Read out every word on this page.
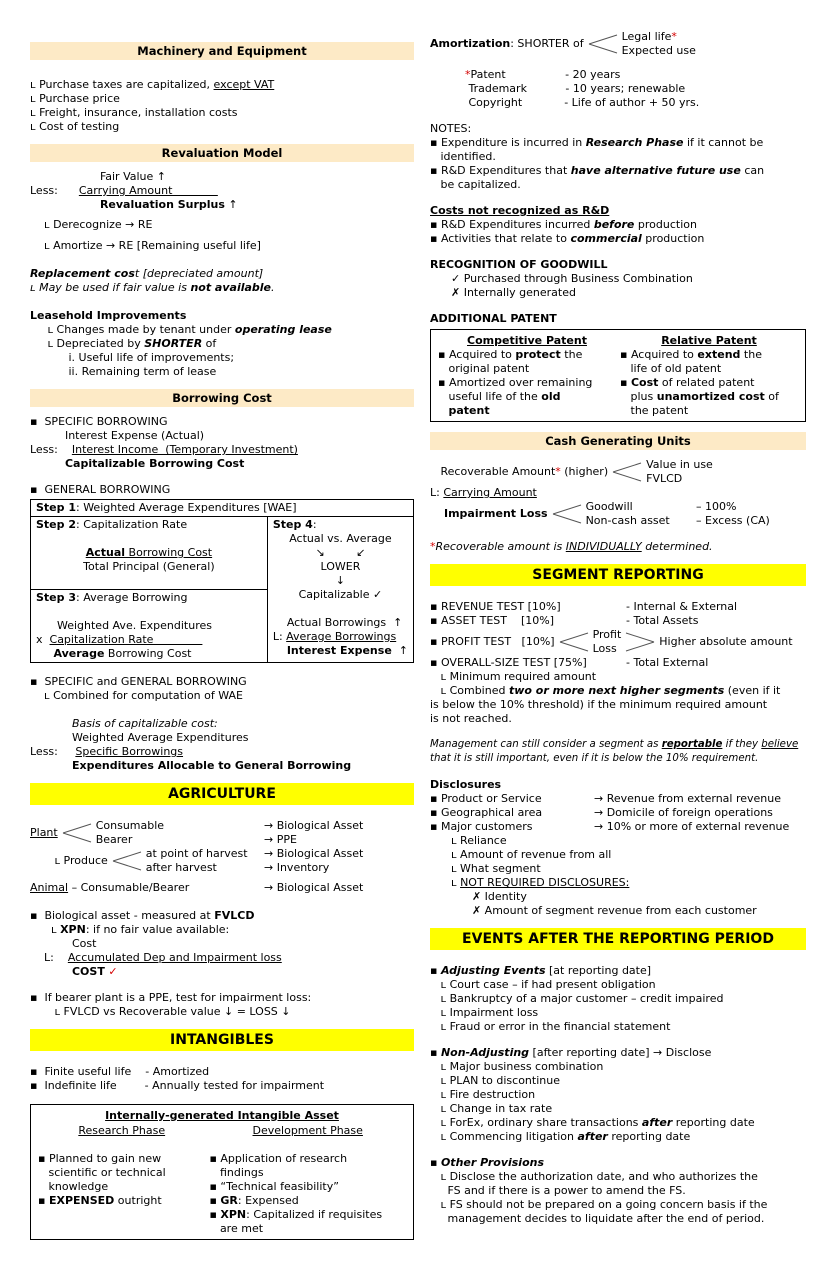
Machinery and Equipment
ʟ Purchase taxes are capitalized, except VAT
ʟ Purchase price
ʟ Freight, insurance, installation costs
ʟ Cost of testing
Revaluation Model
Fair Value ↑
Less:      Carrying Amount
Revaluation Surplus ↑
ʟ Derecognize → RE
ʟ Amortize → RE [Remaining useful life]
Replacement cost [depreciated amount]
ʟ May be used if fair value is not available.
Leasehold Improvements
ʟ Changes made by tenant under operating lease
ʟ Depreciated by SHORTER of
i. Useful life of improvements;
ii. Remaining term of lease
Borrowing Cost
▪  SPECIFIC BORROWING
Interest Expense (Actual)
Less:    Interest Income  (Temporary Investment)
Capitalizable Borrowing Cost
▪  GENERAL BORROWING
Step 1: Weighted Average Expenditures [WAE]
Step 2: Capitalization Rate
Actual Borrowing Cost
Total Principal (General)
Step 3: Average Borrowing
Weighted Ave. Expenditures
x  Capitalization Rate
Average Borrowing Cost
Step 4:
Actual vs. Average
↘         ↙
LOWER
↓
Capitalizable ✓
Actual Borrowings  ↑
L: Average Borrowings
Interest Expense  ↑
▪  SPECIFIC and GENERAL BORROWING
ʟ Combined for computation of WAE
Basis of capitalizable cost:
Weighted Average Expenditures
Less:     Specific Borrowings
Expenditures Allocable to General Borrowing
AGRICULTURE
Plant
Consumable	→ Biological Asset
Bearer	→ PPE
ʟ Produce
at point of harvest	→ Biological Asset
after harvest	→ Inventory
Animal – Consumable/Bearer	→ Biological Asset
▪  Biological asset - measured at FVLCD
ʟ XPN: if no fair value available:
Cost
L:    Accumulated Dep and Impairment loss
COST ✓
▪  If bearer plant is a PPE, test for impairment loss:
ʟ FVLCD vs Recoverable value ↓ = LOSS ↓
INTANGIBLES
▪  Finite useful life    - Amortized
▪  Indefinite life        - Annually tested for impairment
Internally-generated Intangible Asset
Research Phase
▪ Planned to gain new
scientific or technical
knowledge
▪ EXPENSED outright
Development Phase
▪ Application of research
findings
▪ “Technical feasibility”
▪ GR: Expensed
▪ XPN: Capitalized if requisites
are met
Amortization: SHORTER of
Legal life*
Expected use
*Patent                 - 20 years
Trademark           - 10 years; renewable
Copyright            - Life of author + 50 yrs.
NOTES:
▪ Expenditure is incurred in Research Phase if it cannot be
identified.
▪ R&D Expenditures that have alternative future use can
be capitalized.
Costs not recognized as R&D
▪ R&D Expenditures incurred before production
▪ Activities that relate to commercial production
RECOGNITION OF GOODWILL
✓ Purchased through Business Combination
✗ Internally generated
ADDITIONAL PATENT
Competitive Patent
▪ Acquired to protect the
original patent
▪ Amortized over remaining
useful life of the old
patent
Relative Patent
▪ Acquired to extend the
life of old patent
▪ Cost of related patent
plus unamortized cost of
the patent
Cash Generating Units
Recoverable Amount* (higher)
Value in use
FVLCD
L: Carrying Amount
Impairment Loss
Goodwill	– 100%
Non-cash asset	– Excess (CA)
*Recoverable amount is INDIVIDUALLY determined.
SEGMENT REPORTING
▪ REVENUE TEST [10%]	- Internal & External
▪ ASSET TEST    [10%]	- Total Assets
▪ PROFIT TEST   [10%]
Profit
Loss
Higher absolute amount
▪ OVERALL-SIZE TEST [75%]	- Total External
ʟ Minimum required amount
ʟ Combined two or more next higher segments (even if it
is below the 10% threshold) if the minimum required amount
is not reached.
Management can still consider a segment as reportable if they believe
that it is still important, even if it is below the 10% requirement.
Disclosures
▪ Product or Service	→ Revenue from external revenue
▪ Geographical area	→ Domicile of foreign operations
▪ Major customers	→ 10% or more of external revenue
ʟ Reliance
ʟ Amount of revenue from all
ʟ What segment
ʟ NOT REQUIRED DISCLOSURES:
✗ Identity
✗ Amount of segment revenue from each customer
EVENTS AFTER THE REPORTING PERIOD
▪ Adjusting Events [at reporting date]
ʟ Court case – if had present obligation
ʟ Bankruptcy of a major customer – credit impaired
ʟ Impairment loss
ʟ Fraud or error in the financial statement
▪ Non-Adjusting [after reporting date] → Disclose
ʟ Major business combination
ʟ PLAN to discontinue
ʟ Fire destruction
ʟ Change in tax rate
ʟ ForEx, ordinary share transactions after reporting date
ʟ Commencing litigation after reporting date
▪ Other Provisions
ʟ Disclose the authorization date, and who authorizes the
FS and if there is a power to amend the FS.
ʟ FS should not be prepared on a going concern basis if the
management decides to liquidate after the end of period.
